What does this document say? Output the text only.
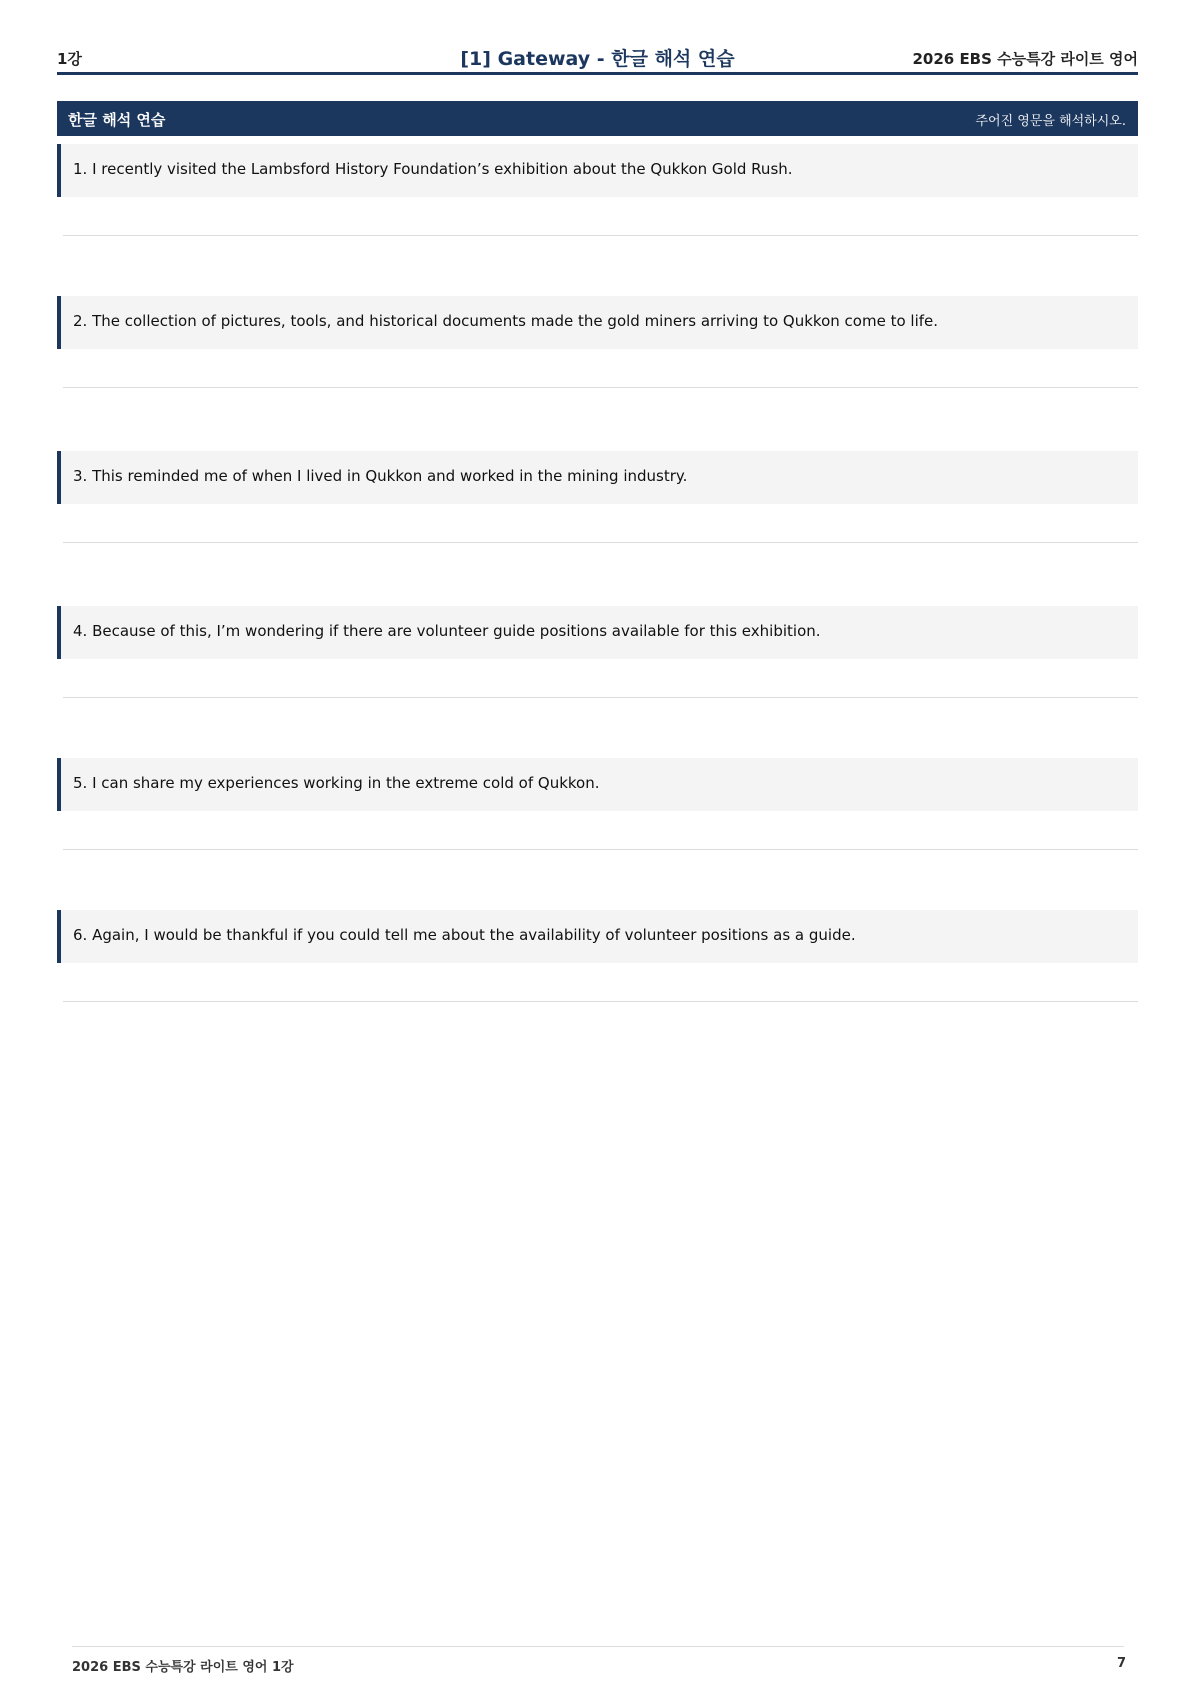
1강	[1] Gateway - 한글 해석 연습	2026 EBS 수능특강 라이트 영어
한글 해석 연습	주어진 영문을 해석하시오.
1. I recently visited the Lambsford History Foundation’s exhibition about the Qukkon Gold Rush.
2. The collection of pictures, tools, and historical documents made the gold miners arriving to Qukkon come to life.
3. This reminded me of when I lived in Qukkon and worked in the mining industry.
4. Because of this, I’m wondering if there are volunteer guide positions available for this exhibition.
5. I can share my experiences working in the extreme cold of Qukkon.
6. Again, I would be thankful if you could tell me about the availability of volunteer positions as a guide.
2026 EBS 수능특강 라이트 영어 1강	7
